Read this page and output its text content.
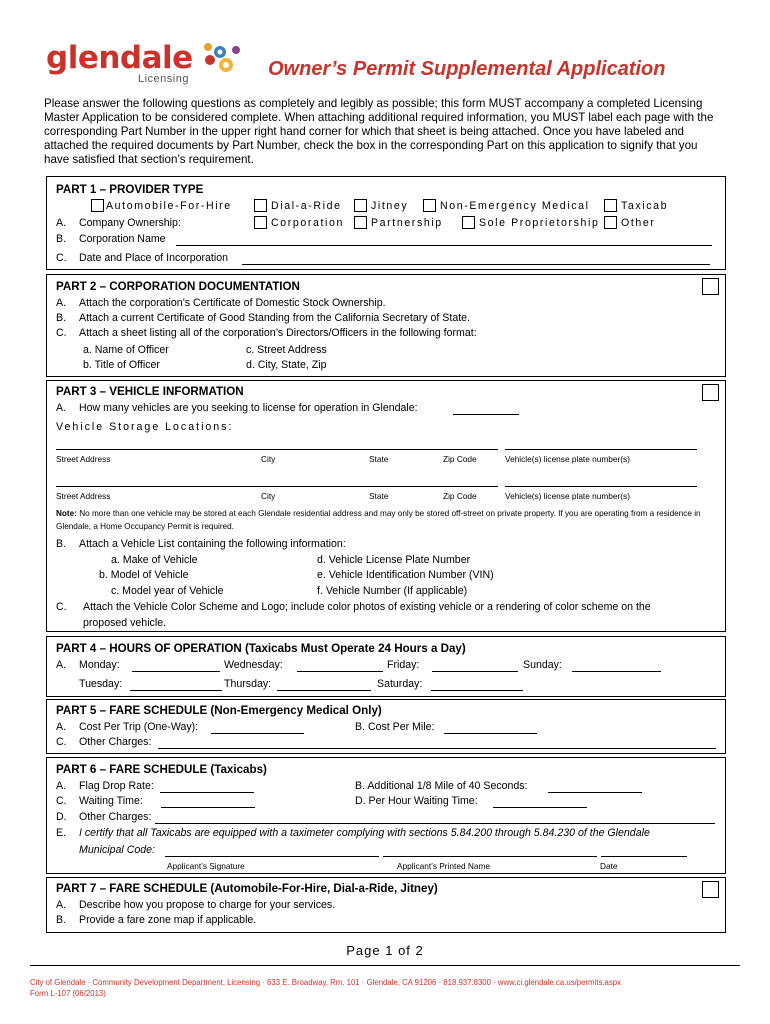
glendale
Licensing	Owner’s Permit Supplemental Application
Please answer the following questions as completely and legibly as possible; this form MUST accompany a completed Licensing Master Application to be considered complete. When attaching additional required information, you MUST label each page with the corresponding Part Number in the upper right hand corner for which that sheet is being attached. Once you have labeled and attached the required documents by Part Number, check the box in the corresponding Part on this application to signify that you have satisfied that section’s requirement.
PART 1 – PROVIDER TYPE
Automobile-For-Hire	Dial-a-Ride	Jitney	Non-Emergency Medical	Taxicab
A. Company Ownership:	Corporation	Partnership	Sole Proprietorship Other
B. Corporation Name
C. Date and Place of Incorporation
PART 2 – CORPORATION DOCUMENTATION
A. Attach the corporation’s Certificate of Domestic Stock Ownership.
B. Attach a current Certificate of Good Standing from the California Secretary of State.
C. Attach a sheet listing all of the corporation’s Directors/Officers in the following format:
a. Name of Officer
b. Title of Officer
c. Street Address
d. City, State, Zip
PART 3 – VEHICLE INFORMATION
A. How many vehicles are you seeking to license for operation in Glendale:
Vehicle Storage Locations:
Street Address	City	State	Zip Code	Vehicle(s) license plate number(s)
Street Address	City	State	Zip Code	Vehicle(s) license plate number(s)
Note: No more than one vehicle may be stored at each Glendale residential address and may only be stored off-street on private property. If you are operating from a residence in Glendale, a Home Occupancy Permit is required.
B. Attach a Vehicle List containing the following information:
a. Make of Vehicle
b. Model of Vehicle
c. Model year of Vehicle
d. Vehicle License Plate Number
e. Vehicle Identification Number (VIN)
f. Vehicle Number (If applicable)
C. Attach the Vehicle Color Scheme and Logo; include color photos of existing vehicle or a rendering of color scheme on the
proposed vehicle.
PART 4 – HOURS OF OPERATION (Taxicabs Must Operate 24 Hours a Day)
A. Monday:	Wednesday:	Friday:	Sunday:
Tuesday:	Thursday:	Saturday:
PART 5 – FARE SCHEDULE (Non-Emergency Medical Only)
A. Cost Per Trip (One-Way):	B. Cost Per Mile:
C. Other Charges:
PART 6 – FARE SCHEDULE (Taxicabs)
A. Flag Drop Rate:	B. Additional 1/8 Mile of 40 Seconds:
C. Waiting Time:	D. Per Hour Waiting Time:
D. Other Charges:
E. I certify that all Taxicabs are equipped with a taximeter complying with sections 5.84.200 through 5.84.230 of the Glendale
Municipal Code:
Applicant’s Signature	Applicant’s Printed Name	Date
PART 7 – FARE SCHEDULE (Automobile-For-Hire, Dial-a-Ride, Jitney)
A. Describe how you propose to charge for your services.
B. Provide a fare zone map if applicable.
Page 1 of 2
City of Glendale · Community Development Department, Licensing · 633 E. Broadway, Rm. 101 · Glendale, CA 91206 · 818.937.8300 · www.ci.glendale.ca.us/permits.aspx
Form L-107 (06/2013)
